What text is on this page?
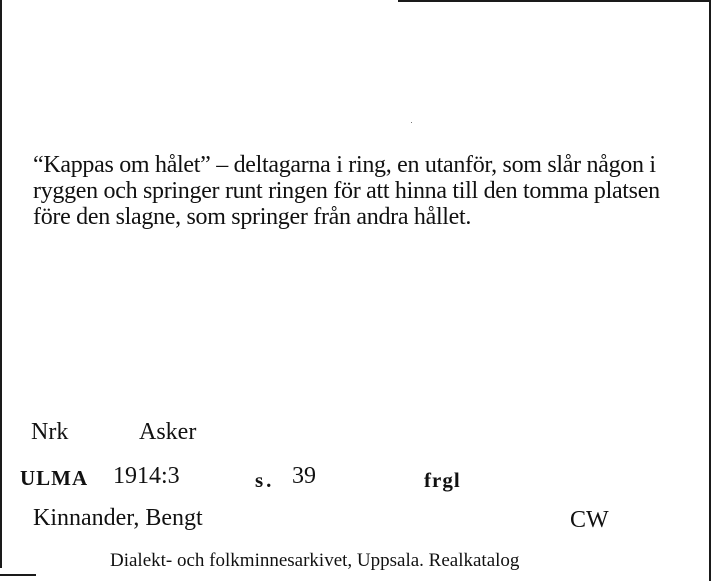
“Kappas om hålet” – deltagarna i ring, en utanför, som slår någon i ryggen och springer runt ringen för att hinna till den tomma platsen före den slagne, som springer från andra hållet.

Nrk	Asker
ULMA 1914:3	s. 39	frgl
Kinnander, Bengt	CW
Dialekt- och folkminnesarkivet, Uppsala. Realkatalog
